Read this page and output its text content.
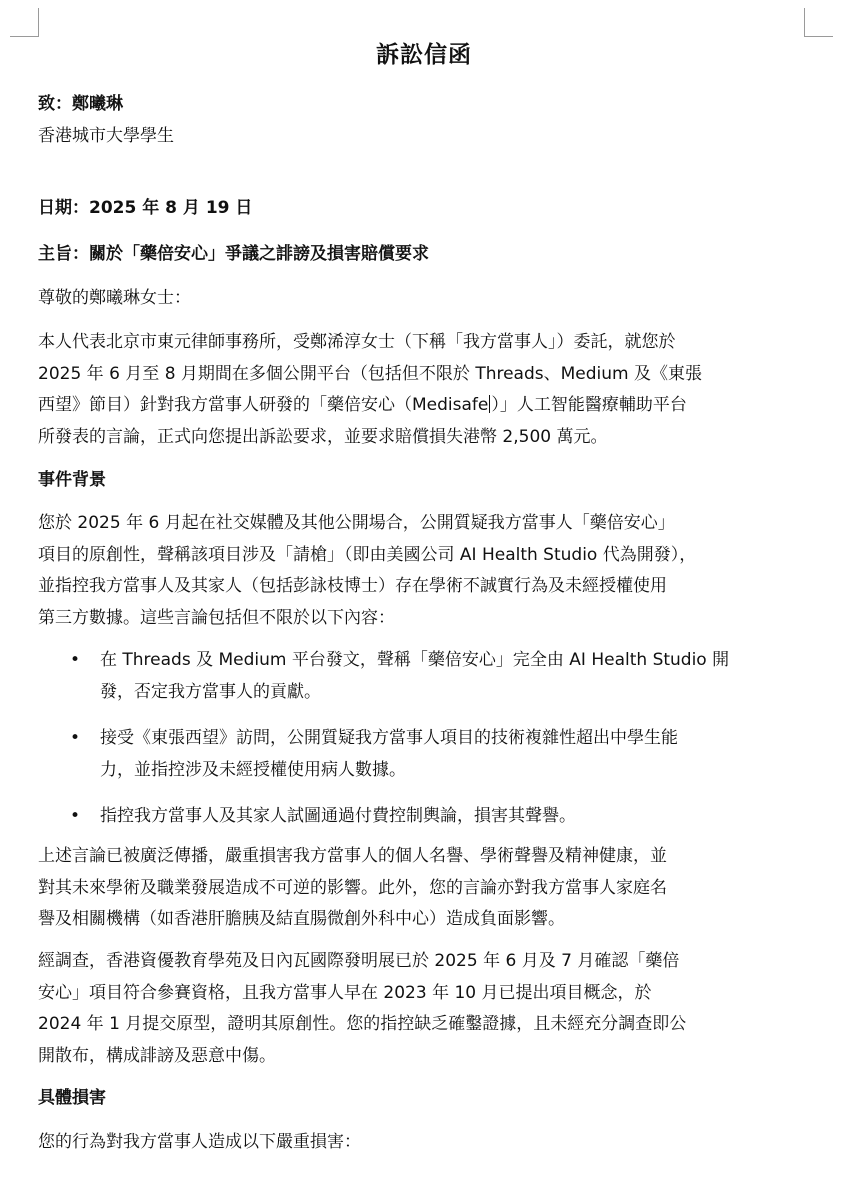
訴訟信函

致：鄭曦琳

香港城市大學學生

日期：2025 年 8 月 19 日

主旨：關於「藥倍安心」爭議之誹謗及損害賠償要求

尊敬的鄭曦琳女士：

本人代表北京市東元律師事務所，受鄭浠淳女士（下稱「我方當事人」）委託，就您於
2025 年 6 月至 8 月期間在多個公開平台（包括但不限於 Threads、Medium 及《東張
西望》節目）針對我方當事人研發的「藥倍安心（Medisafe ）」人工智能醫療輔助平台
所發表的言論，正式向您提出訴訟要求，並要求賠償損失港幣 2,500 萬元。

事件背景

您於 2025 年 6 月起在社交媒體及其他公開場合，公開質疑我方當事人「藥倍安心」
項目的原創性，聲稱該項目涉及「請槍」（即由美國公司 AI Health Studio 代為開發），
並指控我方當事人及其家人（包括彭詠枝博士）存在學術不誠實行為及未經授權使用
第三方數據。這些言論包括但不限於以下內容：
• 在 Threads 及 Medium 平台發文，聲稱「藥倍安心」完全由 AI Health Studio 開
發，否定我方當事人的貢獻。
• 接受《東張西望》訪問，公開質疑我方當事人項目的技術複雜性超出中學生能
力，並指控涉及未經授權使用病人數據。
• 指控我方當事人及其家人試圖通過付費控制輿論，損害其聲譽。
上述言論已被廣泛傳播，嚴重損害我方當事人的個人名譽、學術聲譽及精神健康，並
對其未來學術及職業發展造成不可逆的影響。此外，您的言論亦對我方當事人家庭名
譽及相關機構（如香港肝膽胰及結直腸微創外科中心）造成負面影響。
經調查，香港資優教育學苑及日內瓦國際發明展已於 2025 年 6 月及 7 月確認「藥倍
安心」項目符合參賽資格，且我方當事人早在 2023 年 10 月已提出項目概念，於
2024 年 1 月提交原型，證明其原創性。您的指控缺乏確鑿證據，且未經充分調查即公
開散布，構成誹謗及惡意中傷。

具體損害

您的行為對我方當事人造成以下嚴重損害：
